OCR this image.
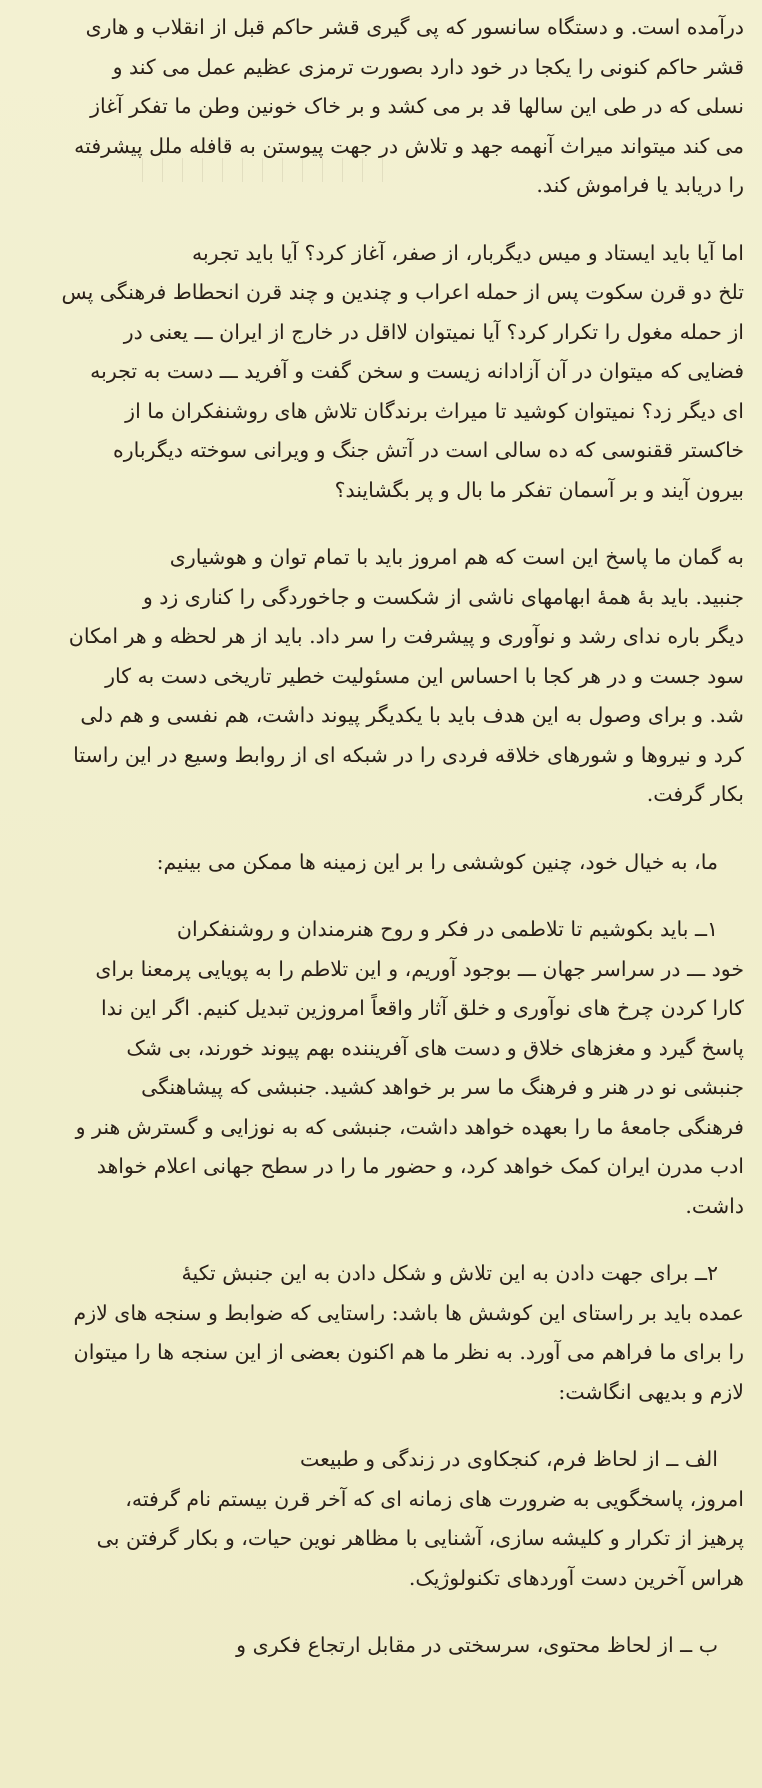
درآمده است. و دستگاه سانسور که پی گیری قشر حاکم قبل از انقلاب و هاری
قشر حاکم کنونی را یکجا در خود دارد بصورت ترمزی عظیم عمل می کند و
نسلی که در طی این سالها قد بر می کشد و بر خاک خونین وطن ما تفکر آغاز
می کند میتواند میراث آنهمه جهد و تلاش در جهت پیوستن به قافله ملل پیشرفته
را دریابد یا فراموش کند.
اما آیا باید ایستاد و میس دیگربار، از صفر، آغاز کرد؟ آیا باید تجربه
تلخ دو قرن سکوت پس از حمله اعراب و چندین و چند قرن انحطاط فرهنگی پس
از حمله مغول را تکرار کرد؟ آیا نمیتوان لااقل در خارج از ایران ـــ یعنی در
فضایی که میتوان در آن آزادانه زیست و سخن گفت و آفرید ـــ دست به تجربه
ای دیگر زد؟ نمیتوان کوشید تا میراث برندگان تلاش های روشنفکران ما از
خاکستر ققنوسی که ده سالی است در آتش جنگ و ویرانی سوخته دیگرباره
بیرون آیند و بر آسمان تفکر ما بال و پر بگشایند؟
به گمان ما پاسخ این است که هم امروز باید با تمام توان و هوشیاری
جنبید. باید بهٔ همهٔ ابهامهای ناشی از شکست و جاخوردگی را کناری زد و
دیگر باره ندای رشد و نوآوری و پیشرفت را سر داد. باید از هر لحظه و هر امکان
سود جست و در هر کجا با احساس این مسئولیت خطیر تاریخی دست به کار
شد. و برای وصول به این هدف باید با یکدیگر پیوند داشت، هم نفسی و هم دلی
کرد و نیروها و شورهای خلاقه فردی را در شبکه ای از روابط وسیع در این راستا
بکار گرفت.
ما، به خیال خود، چنین کوششی را بر این زمینه ها ممکن می بینیم:
۱ــ باید بکوشیم تا تلاطمی در فکر و روح هنرمندان و روشنفکران
خود ـــ در سراسر جهان ـــ بوجود آوریم، و این تلاطم را به پویایی پرمعنا برای
کارا کردن چرخ های نوآوری و خلق آثار واقعاً امروزین تبدیل کنیم. اگر این ندا
پاسخ گیرد و مغزهای خلاق و دست های آفریننده بهم پیوند خورند، بی شک
جنبشی نو در هنر و فرهنگ ما سر بر خواهد کشید. جنبشی که پیشاهنگی
فرهنگی جامعهٔ ما را بعهده خواهد داشت، جنبشی که به نوزایی و گسترش هنر و
ادب مدرن ایران کمک خواهد کرد، و حضور ما را در سطح جهانی اعلام خواهد
داشت.
۲ــ برای جهت دادن به این تلاش و شکل دادن به این جنبش تکیهٔ
عمده باید بر راستای این کوشش ها باشد: راستایی که ضوابط و سنجه های لازم
را برای ما فراهم می آورد. به نظر ما هم اکنون بعضی از این سنجه ها را میتوان
لازم و بدیهی انگاشت:
الف ــ از لحاظ فرم، کنجکاوی در زندگی و طبیعت
امروز، پاسخگویی به ضرورت های زمانه ای که آخر قرن بیستم نام گرفته،
پرهیز از تکرار و کلیشه سازی، آشنایی با مظاهر نوین حیات، و بکار گرفتن بی
هراس آخرین دست آوردهای تکنولوژیک.
ب ــ از لحاظ محتوی، سرسختی در مقابل ارتجاع فکری و
